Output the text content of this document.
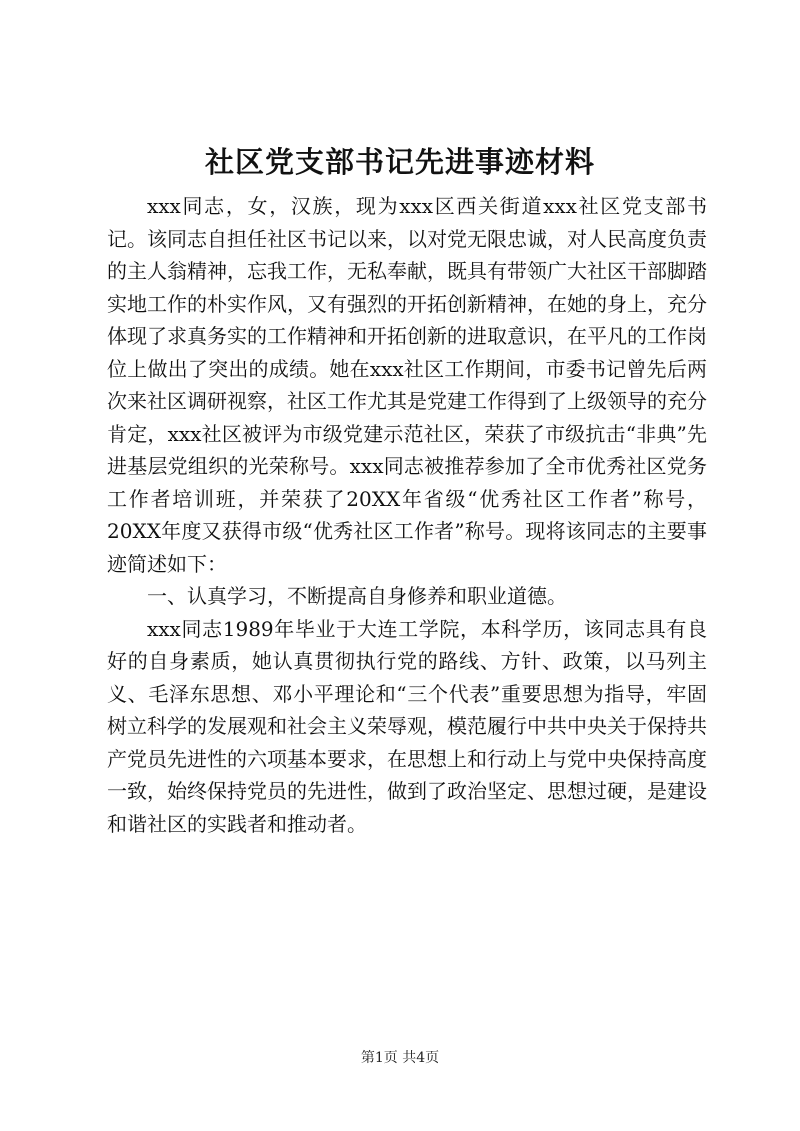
社区党支部书记先进事迹材料

xxx同志，女，汉族，现为xxx区西关街道xxx社区党支部书记。该同志自担任社区书记以来，以对党无限忠诚，对人民高度负责的主人翁精神，忘我工作，无私奉献，既具有带领广大社区干部脚踏实地工作的朴实作风，又有强烈的开拓创新精神，在她的身上，充分体现了求真务实的工作精神和开拓创新的进取意识，在平凡的工作岗位上做出了突出的成绩。她在xxx社区工作期间，市委书记曾先后两次来社区调研视察，社区工作尤其是党建工作得到了上级领导的充分肯定，xxx社区被评为市级党建示范社区，荣获了市级抗击“非典”先进基层党组织的光荣称号。xxx同志被推荐参加了全市优秀社区党务工作者培训班，并荣获了20XX年省级“优秀社区工作者”称号，20XX年度又获得市级“优秀社区工作者”称号。现将该同志的主要事迹简述如下：

一、认真学习，不断提高自身修养和职业道德。

xxx同志1989年毕业于大连工学院，本科学历，该同志具有良好的自身素质，她认真贯彻执行党的路线、方针、政策，以马列主义、毛泽东思想、邓小平理论和“三个代表”重要思想为指导，牢固树立科学的发展观和社会主义荣辱观，模范履行中共中央关于保持共产党员先进性的六项基本要求，在思想上和行动上与党中央保持高度一致，始终保持党员的先进性，做到了政治坚定、思想过硬，是建设和谐社区的实践者和推动者。

第1页 共4页
